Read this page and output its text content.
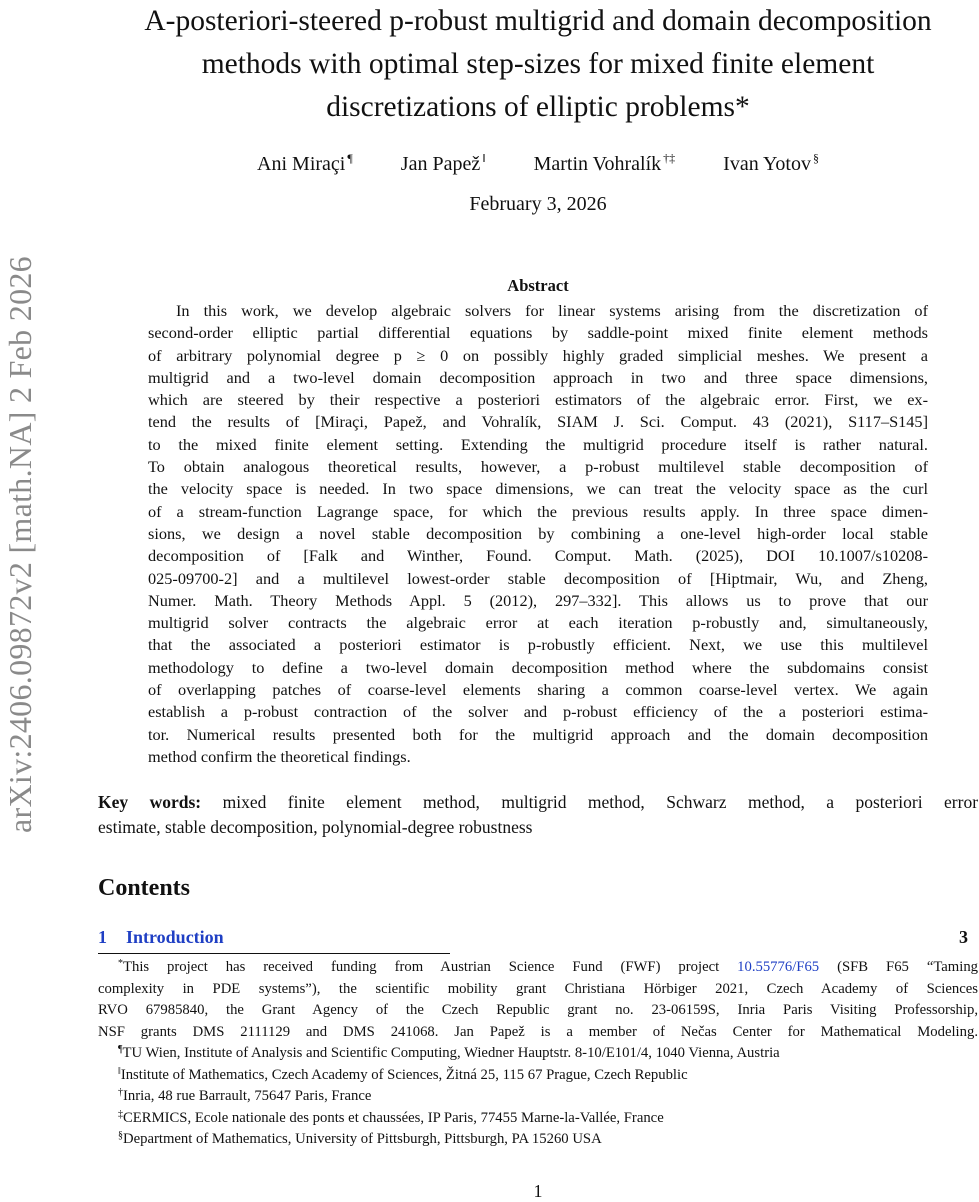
arXiv:2406.09872v2 [math.NA] 2 Feb 2026

A-posteriori-steered p-robust multigrid and domain decomposition

methods with optimal step-sizes for mixed finite element

discretizations of elliptic problems*

Ani Miraçi ¶ Jan Papež ‖ Martin Vohralík †‡ Ivan Yotov §
February 3, 2026
Abstract
In this work, we develop algebraic solvers for linear systems arising from the discretization of
second-order elliptic partial differential equations by saddle-point mixed finite element methods
of arbitrary polynomial degree p ≥ 0 on possibly highly graded simplicial meshes. We present a
multigrid and a two-level domain decomposition approach in two and three space dimensions,
which are steered by their respective a posteriori estimators of the algebraic error. First, we ex-
tend the results of [Miraçi, Papež, and Vohralík, SIAM J. Sci. Comput. 43 (2021), S117–S145]
to the mixed finite element setting. Extending the multigrid procedure itself is rather natural.
To obtain analogous theoretical results, however, a p-robust multilevel stable decomposition of
the velocity space is needed. In two space dimensions, we can treat the velocity space as the curl
of a stream-function Lagrange space, for which the previous results apply. In three space dimen-
sions, we design a novel stable decomposition by combining a one-level high-order local stable
decomposition of [Falk and Winther, Found. Comput. Math. (2025), DOI 10.1007/s10208-
025-09700-2] and a multilevel lowest-order stable decomposition of [Hiptmair, Wu, and Zheng,
Numer. Math. Theory Methods Appl. 5 (2012), 297–332]. This allows us to prove that our
multigrid solver contracts the algebraic error at each iteration p-robustly and, simultaneously,
that the associated a posteriori estimator is p-robustly efficient. Next, we use this multilevel
methodology to define a two-level domain decomposition method where the subdomains consist
of overlapping patches of coarse-level elements sharing a common coarse-level vertex. We again
establish a p-robust contraction of the solver and p-robust efficiency of the a posteriori estima-
tor. Numerical results presented both for the multigrid approach and the domain decomposition
method confirm the theoretical findings.
Key words: mixed finite element method, multigrid method, Schwarz method, a posteriori error
estimate, stable decomposition, polynomial-degree robustness
Contents
1 Introduction	3
*This project has received funding from Austrian Science Fund (FWF) project 10.55776/F65 (SFB F65 “Taming
complexity in PDE systems”), the scientific mobility grant Christiana Hörbiger 2021, Czech Academy of Sciences
RVO 67985840, the Grant Agency of the Czech Republic grant no. 23-06159S, Inria Paris Visiting Professorship,
NSF grants DMS 2111129 and DMS 241068. Jan Papež is a member of Nečas Center for Mathematical Modeling.
¶TU Wien, Institute of Analysis and Scientific Computing, Wiedner Hauptstr. 8-10/E101/4, 1040 Vienna, Austria
‖Institute of Mathematics, Czech Academy of Sciences, Žitná 25, 115 67 Prague, Czech Republic
†Inria, 48 rue Barrault, 75647 Paris, France
‡CERMICS, Ecole nationale des ponts et chaussées, IP Paris, 77455 Marne-la-Vallée, France
§Department of Mathematics, University of Pittsburgh, Pittsburgh, PA 15260 USA
1
